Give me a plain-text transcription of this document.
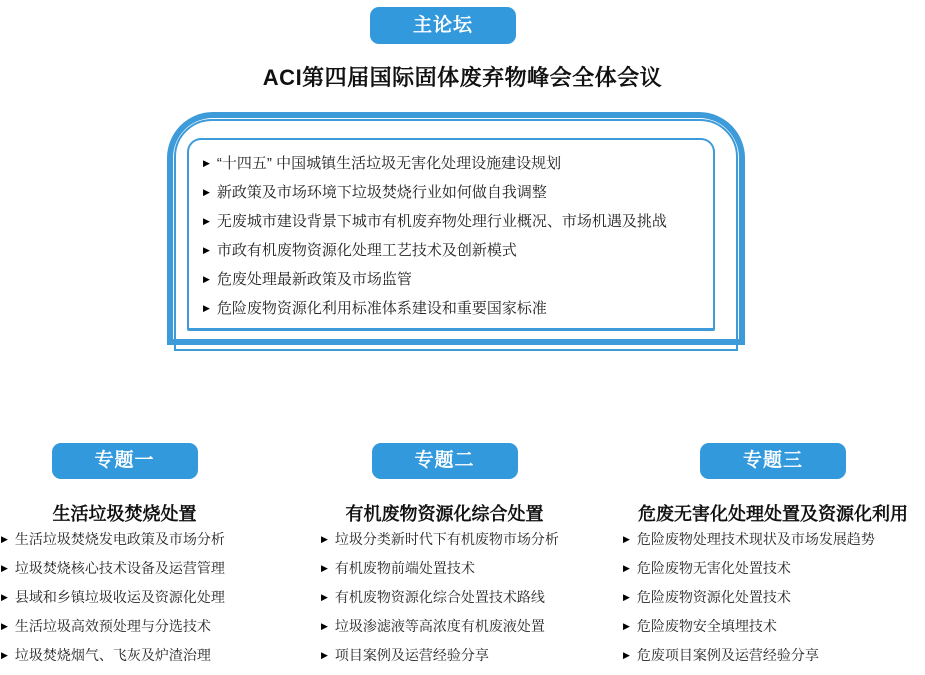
主论坛
ACI第四届国际固体废弃物峰会全体会议
▶ “十四五” 中国城镇生活垃圾无害化处理设施建设规划
▶ 新政策及市场环境下垃圾焚烧行业如何做自我调整
▶ 无废城市建设背景下城市有机废弃物处理行业概况、市场机遇及挑战
▶ 市政有机废物资源化处理工艺技术及创新模式
▶ 危废处理最新政策及市场监管
▶ 危险废物资源化利用标准体系建设和重要国家标准
专题一
生活垃圾焚烧处置
▶ 生活垃圾焚烧发电政策及市场分析
▶ 垃圾焚烧核心技术设备及运营管理
▶ 县域和乡镇垃圾收运及资源化处理
▶ 生活垃圾高效预处理与分选技术
▶ 垃圾焚烧烟气、飞灰及炉渣治理
专题二
有机废物资源化综合处置
▶ 垃圾分类新时代下有机废物市场分析
▶ 有机废物前端处置技术
▶ 有机废物资源化综合处置技术路线
▶ 垃圾渗滤液等高浓度有机废液处置
▶ 项目案例及运营经验分享
专题三
危废无害化处理处置及资源化利用
▶ 危险废物处理技术现状及市场发展趋势
▶ 危险废物无害化处置技术
▶ 危险废物资源化处置技术
▶ 危险废物安全填埋技术
▶ 危废项目案例及运营经验分享
